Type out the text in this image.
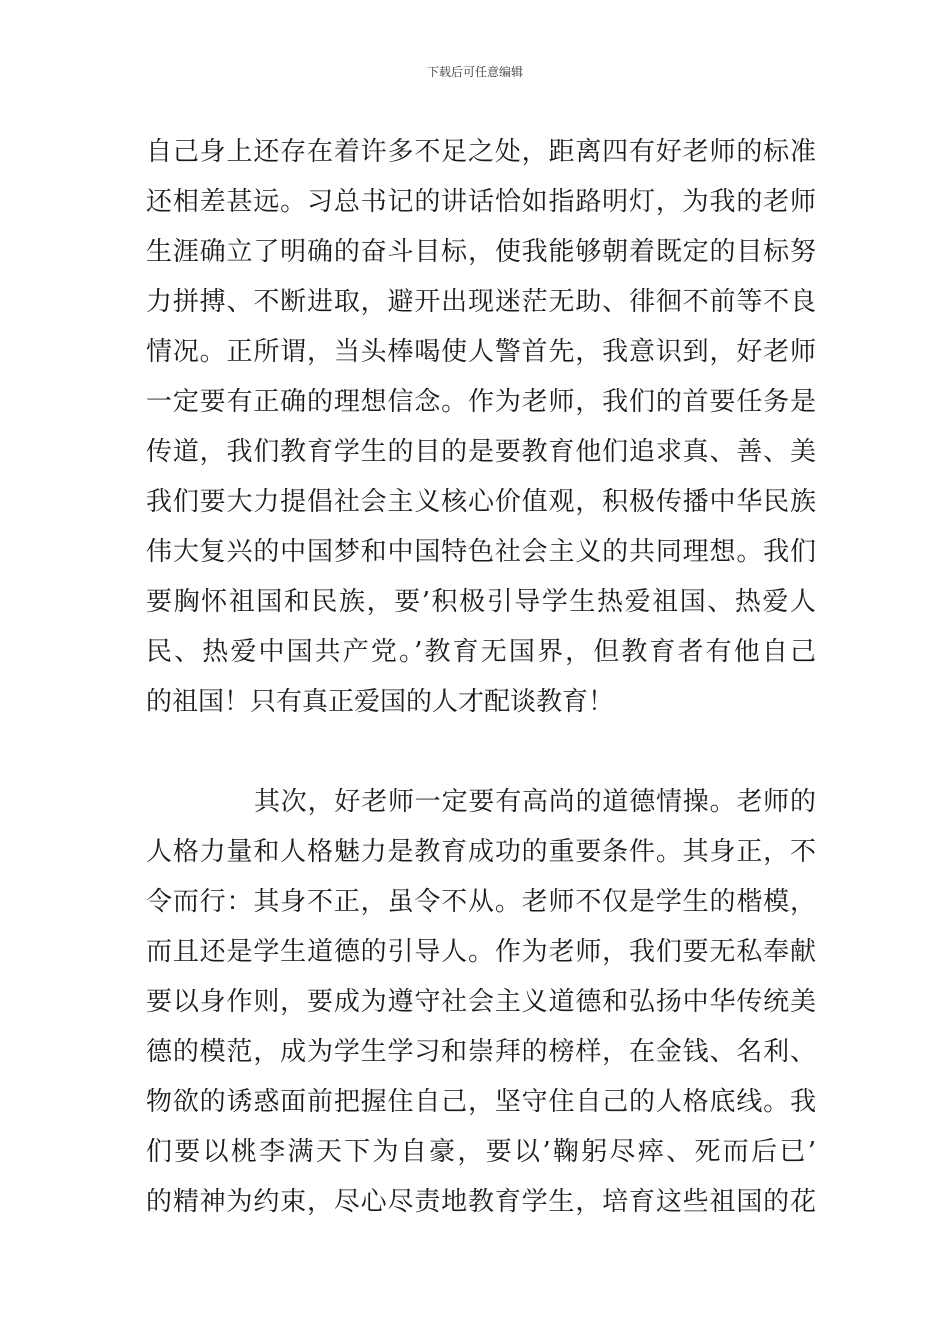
下载后可任意编辑
自己身上还存在着许多不足之处，距离四有好老师的标准
还相差甚远。习总书记的讲话恰如指路明灯，为我的老师
生涯确立了明确的奋斗目标，使我能够朝着既定的目标努
力拼搏、不断进取，避开出现迷茫无助、徘徊不前等不良
情况。正所谓，当头棒喝使人警首先，我意识到，好老师
一定要有正确的理想信念。作为老师，我们的首要任务是
传道，我们教育学生的目的是要教育他们追求真、善、美
我们要大力提倡社会主义核心价值观，积极传播中华民族
伟大复兴的中国梦和中国特色社会主义的共同理想。我们
要胸怀祖国和民族，要’积极引导学生热爱祖国、热爱人
民、热爱中国共产党。’教育无国界，但教育者有他自己
的祖国！只有真正爱国的人才配谈教育！
其次，好老师一定要有高尚的道德情操。老师的
人格力量和人格魅力是教育成功的重要条件。其身正，不
令而行：其身不正，虽令不从。老师不仅是学生的楷模，
而且还是学生道德的引导人。作为老师，我们要无私奉献
要以身作则，要成为遵守社会主义道德和弘扬中华传统美
德的模范，成为学生学习和崇拜的榜样，在金钱、名利、
物欲的诱惑面前把握住自己，坚守住自己的人格底线。我
们要以桃李满天下为自豪，要以’鞠躬尽瘁、死而后已’
的精神为约束，尽心尽责地教育学生，培育这些祖国的花
